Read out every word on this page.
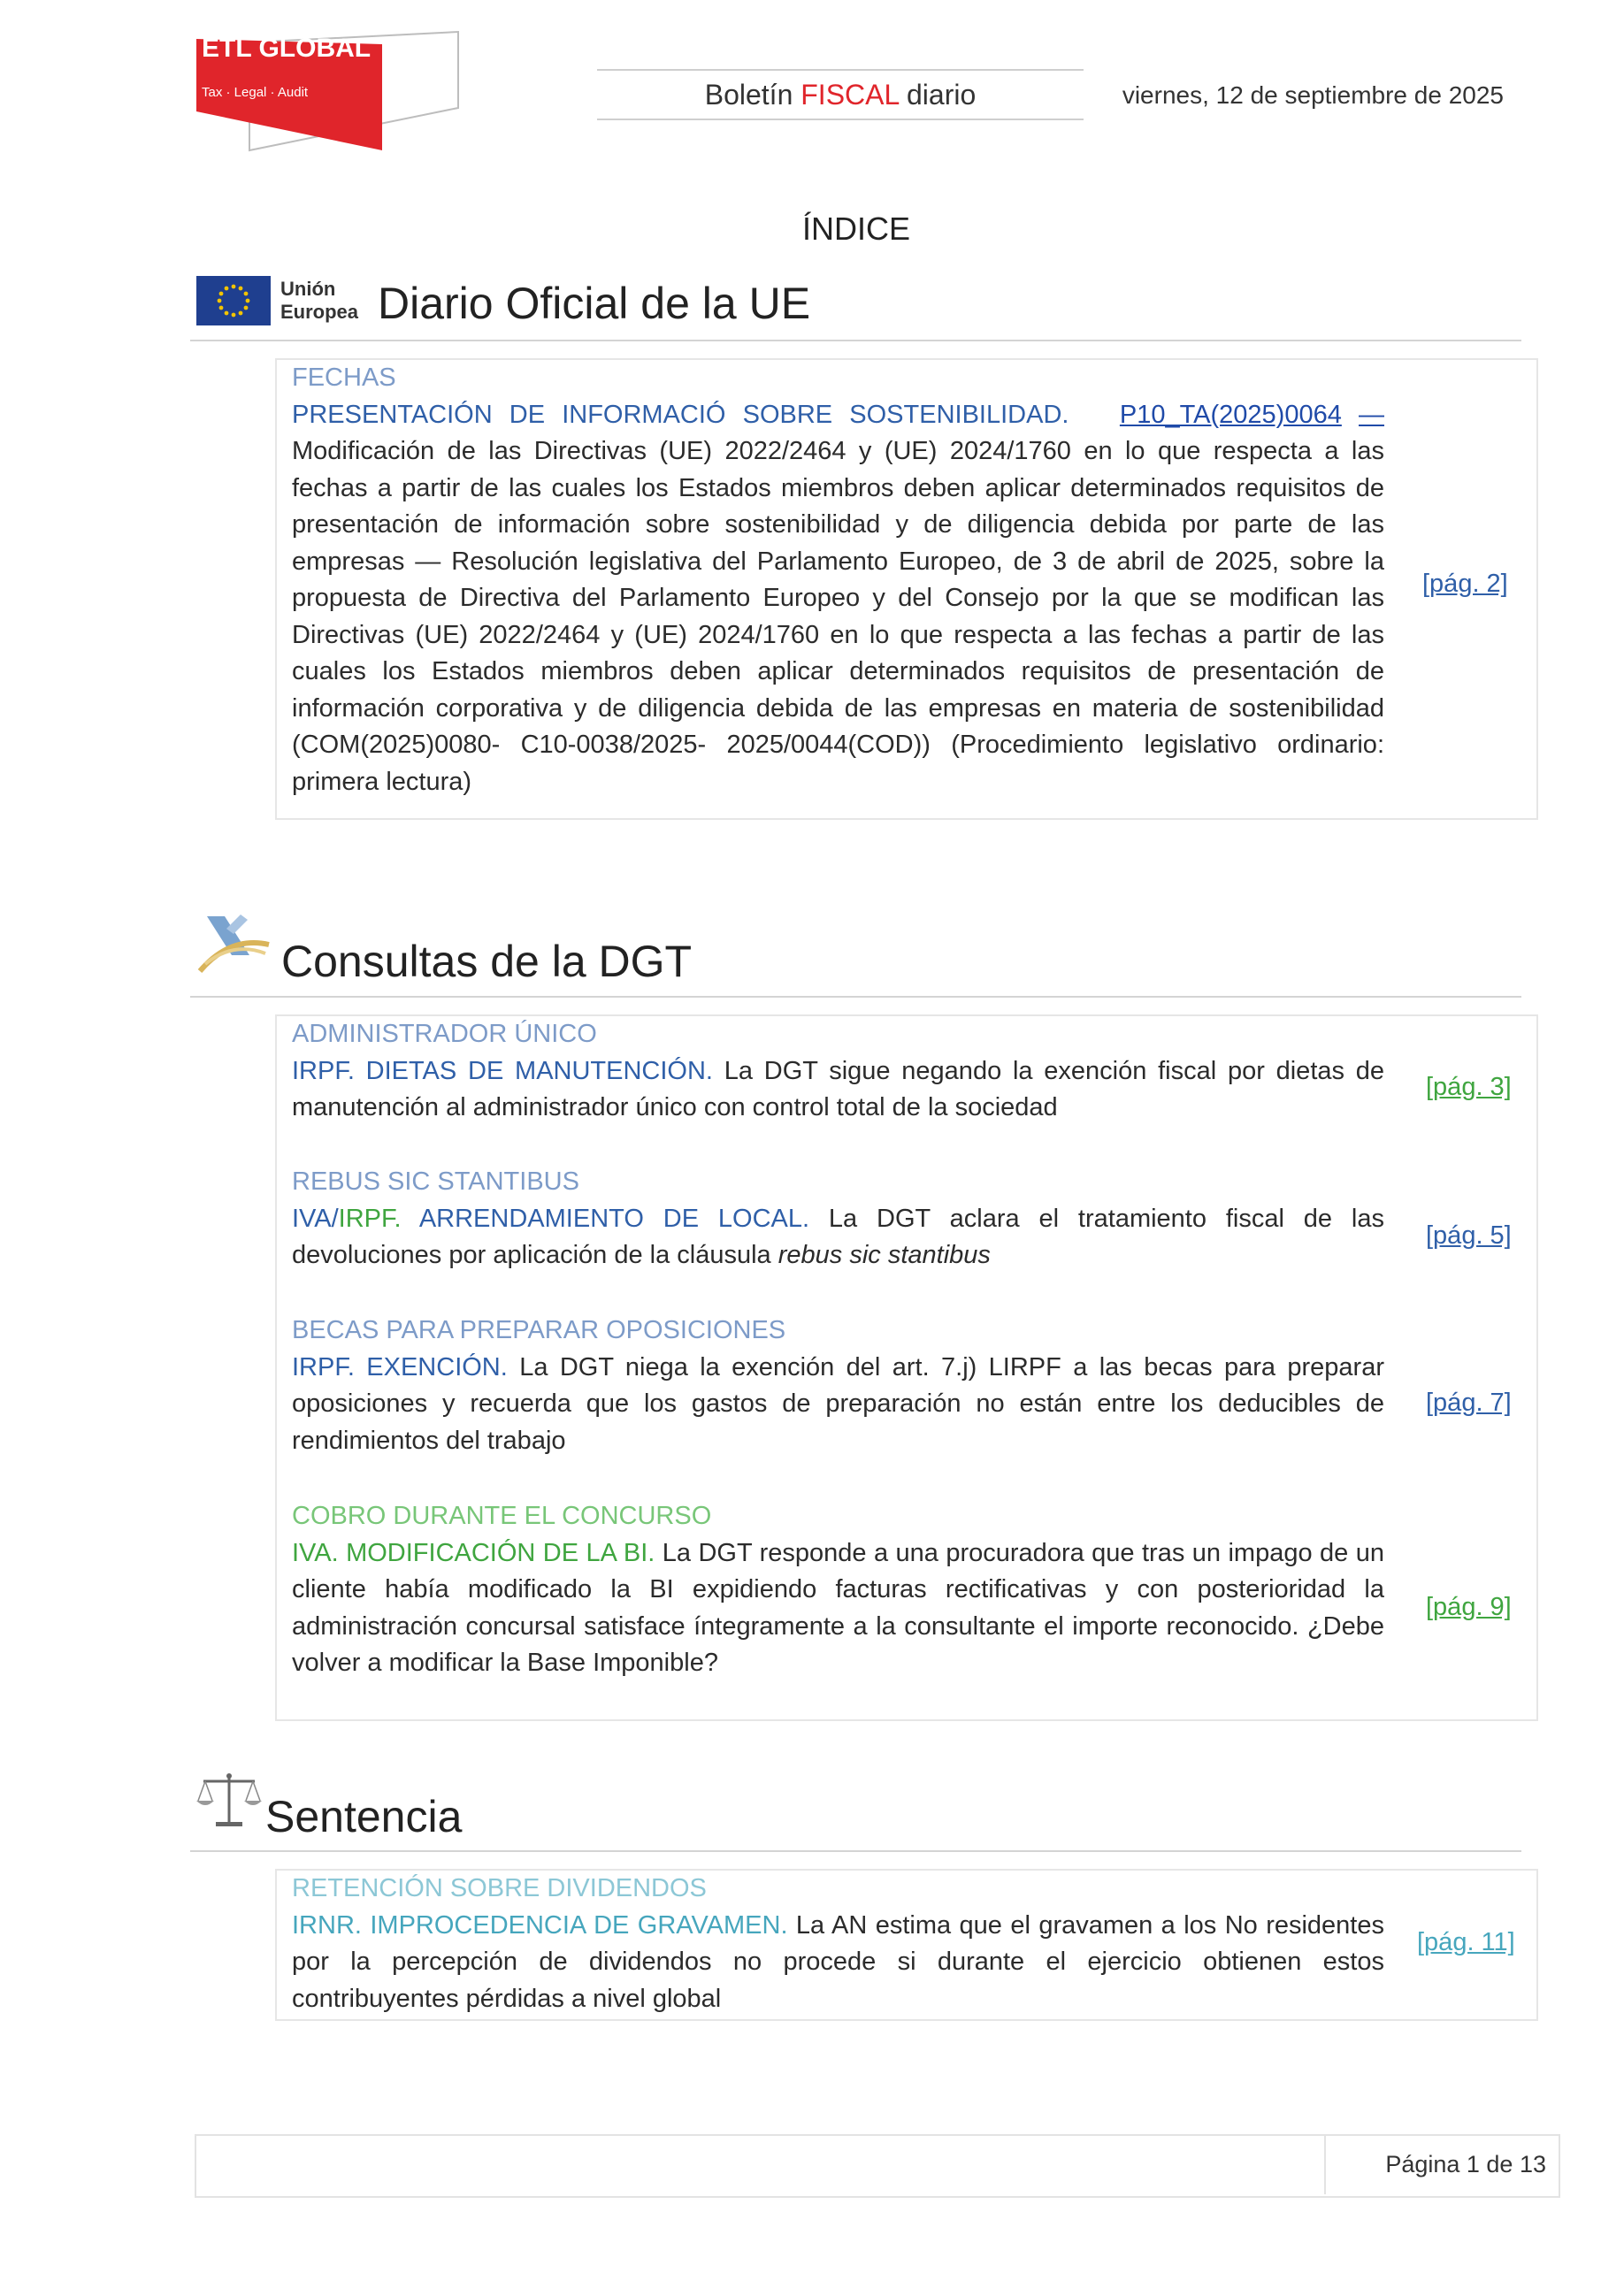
ETL GLOBAL
Tax · Legal · Audit	Boletín FISCAL diario	viernes, 12 de septiembre de 2025
ÍNDICE
Unión
Europea Diario Oficial de la UE
FECHAS
PRESENTACIÓN DE INFORMACIÓ SOBRE SOSTENIBILIDAD. P10_TA(2025)0064 — Modificación de las Directivas (UE) 2022/2464 y (UE) 2024/1760 en lo que respecta a las fechas a partir de las cuales los Estados miembros deben aplicar determinados requisitos de presentación de información sobre sostenibilidad y de diligencia debida por parte de las empresas — Resolución legislativa del Parlamento Europeo, de 3 de abril de 2025, sobre la propuesta de Directiva del Parlamento Europeo y del Consejo por la que se modifican las Directivas (UE) 2022/2464 y (UE) 2024/1760 en lo que respecta a las fechas a partir de las cuales los Estados miembros deben aplicar determinados requisitos de presentación de información corporativa y de diligencia debida de las empresas en materia de sostenibilidad (COM(2025)0080- C10-0038/2025- 2025/0044(COD)) (Procedimiento legislativo ordinario: primera lectura)
[pág. 2]
Consultas de la DGT
ADMINISTRADOR ÚNICO
IRPF. DIETAS DE MANUTENCIÓN. La DGT sigue negando la exención fiscal por dietas de manutención al administrador único con control total de la sociedad
[pág. 3]
REBUS SIC STANTIBUS
IVA/IRPF. ARRENDAMIENTO DE LOCAL. La DGT aclara el tratamiento fiscal de las devoluciones por aplicación de la cláusula rebus sic stantibus
[pág. 5]
BECAS PARA PREPARAR OPOSICIONES
IRPF. EXENCIÓN. La DGT niega la exención del art. 7.j) LIRPF a las becas para preparar oposiciones y recuerda que los gastos de preparación no están entre los deducibles de rendimientos del trabajo
[pág. 7]
COBRO DURANTE EL CONCURSO
IVA. MODIFICACIÓN DE LA BI. La DGT responde a una procuradora que tras un impago de un cliente había modificado la BI expidiendo facturas rectificativas y con posterioridad la administración concursal satisface íntegramente a la consultante el importe reconocido. ¿Debe volver a modificar la Base Imponible?
[pág. 9]
Sentencia
RETENCIÓN SOBRE DIVIDENDOS
IRNR. IMPROCEDENCIA DE GRAVAMEN. La AN estima que el gravamen a los No residentes por la percepción de dividendos no procede si durante el ejercicio obtienen estos contribuyentes pérdidas a nivel global
[pág. 11]
Página 1 de 13
